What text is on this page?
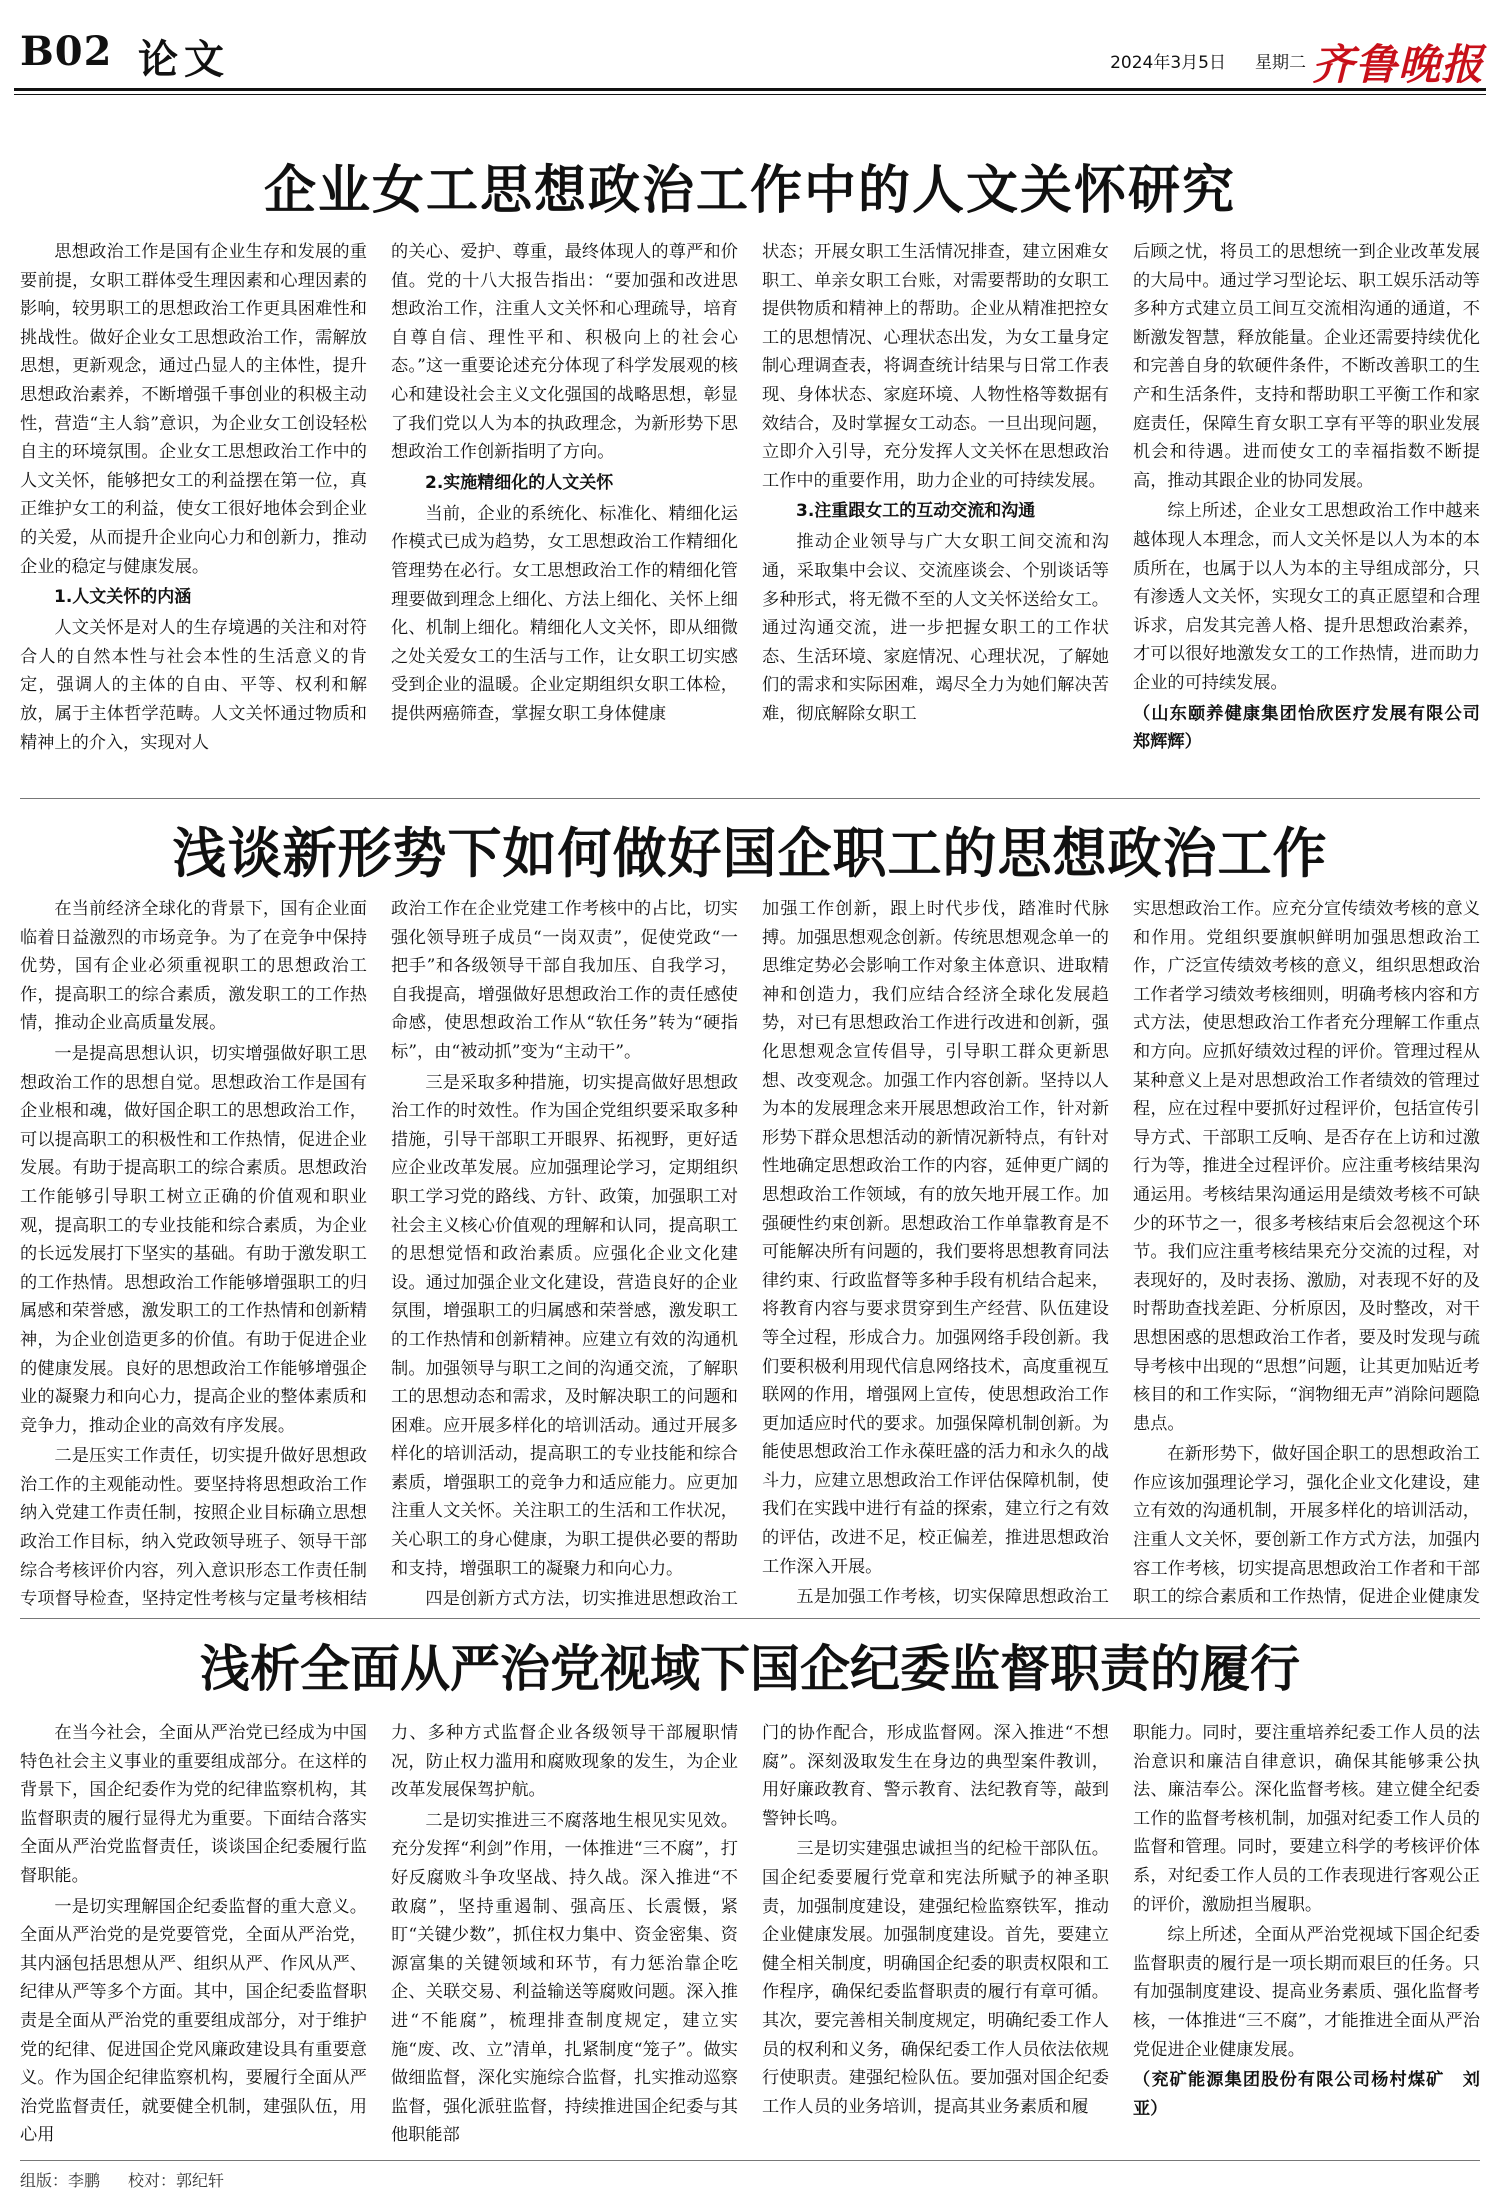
B02 论文	2024年3月5日 星期二 齐鲁晚报
企业女工思想政治工作中的人文关怀研究

思想政治工作是国有企业生存和发展的重要前提，女职工群体受生理因素和心理因素的影响，较男职工的思想政治工作更具困难性和挑战性。做好企业女工思想政治工作，需解放思想，更新观念，通过凸显人的主体性，提升思想政治素养，不断增强千事创业的积极主动性，营造“主人翁”意识，为企业女工创设轻松自主的环境氛围。企业女工思想政治工作中的人文关怀，能够把女工的利益摆在第一位，真正维护女工的利益，使女工很好地体会到企业的关爱，从而提升企业向心力和创新力，推动企业的稳定与健康发展。

1.人文关怀的内涵

人文关怀是对人的生存境遇的关注和对符合人的自然本性与社会本性的生活意义的肯定，强调人的主体的自由、平等、权利和解放，属于主体哲学范畴。人文关怀通过物质和精神上的介入，实现对人

的关心、爱护、尊重，最终体现人的尊严和价值。党的十八大报告指出：“要加强和改进思想政治工作，注重人文关怀和心理疏导，培育自尊自信、理性平和、积极向上的社会心态。”这一重要论述充分体现了科学发展观的核心和建设社会主义文化强国的战略思想，彰显了我们党以人为本的执政理念，为新形势下思想政治工作创新指明了方向。

2.实施精细化的人文关怀

当前，企业的系统化、标准化、精细化运作模式已成为趋势，女工思想政治工作精细化管理势在必行。女工思想政治工作的精细化管理要做到理念上细化、方法上细化、关怀上细化、机制上细化。精细化人文关怀，即从细微之处关爱女工的生活与工作，让女职工切实感受到企业的温暖。企业定期组织女职工体检，提供两癌筛查，掌握女职工身体健康

状态；开展女职工生活情况排查，建立困难女职工、单亲女职工台账，对需要帮助的女职工提供物质和精神上的帮助。企业从精准把控女工的思想情况、心理状态出发，为女工量身定制心理调查表，将调查统计结果与日常工作表现、身体状态、家庭环境、人物性格等数据有效结合，及时掌握女工动态。一旦出现问题，立即介入引导，充分发挥人文关怀在思想政治工作中的重要作用，助力企业的可持续发展。

3.注重跟女工的互动交流和沟通

推动企业领导与广大女职工间交流和沟通，采取集中会议、交流座谈会、个别谈话等多种形式，将无微不至的人文关怀送给女工。通过沟通交流，进一步把握女职工的工作状态、生活环境、家庭情况、心理状况，了解她们的需求和实际困难，竭尽全力为她们解决苦难，彻底解除女职工

后顾之忧，将员工的思想统一到企业改革发展的大局中。通过学习型论坛、职工娱乐活动等多种方式建立员工间互交流相沟通的通道，不断激发智慧，释放能量。企业还需要持续优化和完善自身的软硬件条件，不断改善职工的生产和生活条件，支持和帮助职工平衡工作和家庭责任，保障生育女职工享有平等的职业发展机会和待遇。进而使女工的幸福指数不断提高，推动其跟企业的协同发展。

综上所述，企业女工思想政治工作中越来越体现人本理念，而人文关怀是以人为本的本质所在，也属于以人为本的主导组成部分，只有渗透人文关怀，实现女工的真正愿望和合理诉求，启发其完善人格、提升思想政治素养，才可以很好地激发女工的工作热情，进而助力企业的可持续发展。

（山东颐养健康集团怡欣医疗发展有限公司　郑辉辉）

浅谈新形势下如何做好国企职工的思想政治工作

在当前经济全球化的背景下，国有企业面临着日益激烈的市场竞争。为了在竞争中保持优势，国有企业必须重视职工的思想政治工作，提高职工的综合素质，激发职工的工作热情，推动企业高质量发展。

一是提高思想认识，切实增强做好职工思想政治工作的思想自觉。思想政治工作是国有企业根和魂，做好国企职工的思想政治工作，可以提高职工的积极性和工作热情，促进企业发展。有助于提高职工的综合素质。思想政治工作能够引导职工树立正确的价值观和职业观，提高职工的专业技能和综合素质，为企业的长远发展打下坚实的基础。有助于激发职工的工作热情。思想政治工作能够增强职工的归属感和荣誉感，激发职工的工作热情和创新精神，为企业创造更多的价值。有助于促进企业的健康发展。良好的思想政治工作能够增强企业的凝聚力和向心力，提高企业的整体素质和竞争力，推动企业的高效有序发展。

二是压实工作责任，切实提升做好思想政治工作的主观能动性。要坚持将思想政治工作纳入党建工作责任制，按照企业目标确立思想政治工作目标，纳入党政领导班子、领导干部综合考核评价内容，列入意识形态工作责任制专项督导检查，坚持定性考核与定量考核相结

政治工作在企业党建工作考核中的占比，切实强化领导班子成员“一岗双责”，促使党政“一把手”和各级领导干部自我加压、自我学习，自我提高，增强做好思想政治工作的责任感使命感，使思想政治工作从“软任务”转为“硬指标”，由“被动抓”变为“主动干”。

三是采取多种措施，切实提高做好思想政治工作的时效性。作为国企党组织要采取多种措施，引导干部职工开眼界、拓视野，更好适应企业改革发展。应加强理论学习，定期组织职工学习党的路线、方针、政策，加强职工对社会主义核心价值观的理解和认同，提高职工的思想觉悟和政治素质。应强化企业文化建设。通过加强企业文化建设，营造良好的企业氛围，增强职工的归属感和荣誉感，激发职工的工作热情和创新精神。应建立有效的沟通机制。加强领导与职工之间的沟通交流，了解职工的思想动态和需求，及时解决职工的问题和困难。应开展多样化的培训活动。通过开展多样化的培训活动，提高职工的专业技能和综合素质，增强职工的竞争力和适应能力。应更加注重人文关怀。关注职工的生活和工作状况，关心职工的身心健康，为职工提供必要的帮助和支持，增强职工的凝聚力和向心力。

四是创新方式方法，切实推进思想政治工

加强工作创新，跟上时代步伐，踏准时代脉搏。加强思想观念创新。传统思想观念单一的思维定势必会影响工作对象主体意识、进取精神和创造力，我们应结合经济全球化发展趋势，对已有思想政治工作进行改进和创新，强化思想观念宣传倡导，引导职工群众更新思想、改变观念。加强工作内容创新。坚持以人为本的发展理念来开展思想政治工作，针对新形势下群众思想活动的新情况新特点，有针对性地确定思想政治工作的内容，延伸更广阔的思想政治工作领域，有的放矢地开展工作。加强硬性约束创新。思想政治工作单靠教育是不可能解决所有问题的，我们要将思想教育同法律约束、行政监督等多种手段有机结合起来，将教育内容与要求贯穿到生产经营、队伍建设等全过程，形成合力。加强网络手段创新。我们要积极利用现代信息网络技术，高度重视互联网的作用，增强网上宣传，使思想政治工作更加适应时代的要求。加强保障机制创新。为能使思想政治工作永葆旺盛的活力和永久的战斗力，应建立思想政治工作评估保障机制，使我们在实践中进行有益的探索，建立行之有效的评估，改进不足，校正偏差，推进思想政治工作深入开展。

五是加强工作考核，切实保障思想政治工

实思想政治工作。应充分宣传绩效考核的意义和作用。党组织要旗帜鲜明加强思想政治工作，广泛宣传绩效考核的意义，组织思想政治工作者学习绩效考核细则，明确考核内容和方式方法，使思想政治工作者充分理解工作重点和方向。应抓好绩效过程的评价。管理过程从某种意义上是对思想政治工作者绩效的管理过程，应在过程中要抓好过程评价，包括宣传引导方式、干部职工反响、是否存在上访和过激行为等，推进全过程评价。应注重考核结果沟通运用。考核结果沟通运用是绩效考核不可缺少的环节之一，很多考核结束后会忽视这个环节。我们应注重考核结果充分交流的过程，对表现好的，及时表扬、激励，对表现不好的及时帮助查找差距、分析原因，及时整改，对干思想困惑的思想政治工作者，要及时发现与疏导考核中出现的“思想”问题，让其更加贴近考核目的和工作实际，“润物细无声”消除问题隐患点。

在新形势下，做好国企职工的思想政治工作应该加强理论学习，强化企业文化建设，建立有效的沟通机制，开展多样化的培训活动，注重人文关怀，要创新工作方式方法，加强内容工作考核，切实提高思想政治工作者和干部职工的综合素质和工作热情，促进企业健康发

浅析全面从严治党视域下国企纪委监督职责的履行

在当今社会，全面从严治党已经成为中国特色社会主义事业的重要组成部分。在这样的背景下，国企纪委作为党的纪律监察机构，其监督职责的履行显得尤为重要。下面结合落实全面从严治党监督责任，谈谈国企纪委履行监督职能。

一是切实理解国企纪委监督的重大意义。全面从严治党的是党要管党，全面从严治党，其内涵包括思想从严、组织从严、作风从严、纪律从严等多个方面。其中，国企纪委监督职责是全面从严治党的重要组成部分，对于维护党的纪律、促进国企党风廉政建设具有重要意义。作为国企纪律监察机构，要履行全面从严治党监督责任，就要健全机制，建强队伍，用心用

力、多种方式监督企业各级领导干部履职情况，防止权力滥用和腐败现象的发生，为企业改革发展保驾护航。

二是切实推进三不腐落地生根见实见效。充分发挥“利剑”作用，一体推进“三不腐”，打好反腐败斗争攻坚战、持久战。深入推进“不敢腐”，坚持重遏制、强高压、长震慑，紧盯“关键少数”，抓住权力集中、资金密集、资源富集的关键领域和环节，有力惩治靠企吃企、关联交易、利益输送等腐败问题。深入推进“不能腐”，梳理排查制度规定，建立实施“废、改、立”清单，扎紧制度“笼子”。做实做细监督，深化实施综合监督，扎实推动巡察监督，强化派驻监督，持续推进国企纪委与其他职能部

门的协作配合，形成监督网。深入推进“不想腐”。深刻汲取发生在身边的典型案件教训，用好廉政教育、警示教育、法纪教育等，敲到警钟长鸣。

三是切实建强忠诚担当的纪检干部队伍。国企纪委要履行党章和宪法所赋予的神圣职责，加强制度建设，建强纪检监察铁军，推动企业健康发展。加强制度建设。首先，要建立健全相关制度，明确国企纪委的职责权限和工作程序，确保纪委监督职责的履行有章可循。其次，要完善相关制度规定，明确纪委工作人员的权利和义务，确保纪委工作人员依法依规行使职责。建强纪检队伍。要加强对国企纪委工作人员的业务培训，提高其业务素质和履

职能力。同时，要注重培养纪委工作人员的法治意识和廉洁自律意识，确保其能够秉公执法、廉洁奉公。深化监督考核。建立健全纪委工作的监督考核机制，加强对纪委工作人员的监督和管理。同时，要建立科学的考核评价体系，对纪委工作人员的工作表现进行客观公正的评价，激励担当履职。

综上所述，全面从严治党视域下国企纪委监督职责的履行是一项长期而艰巨的任务。只有加强制度建设、提高业务素质、强化监督考核，一体推进“三不腐”，才能推进全面从严治党促进企业健康发展。

（兖矿能源集团股份有限公司杨村煤矿　刘亚）

组版：李鹏 校对：郭纪轩
